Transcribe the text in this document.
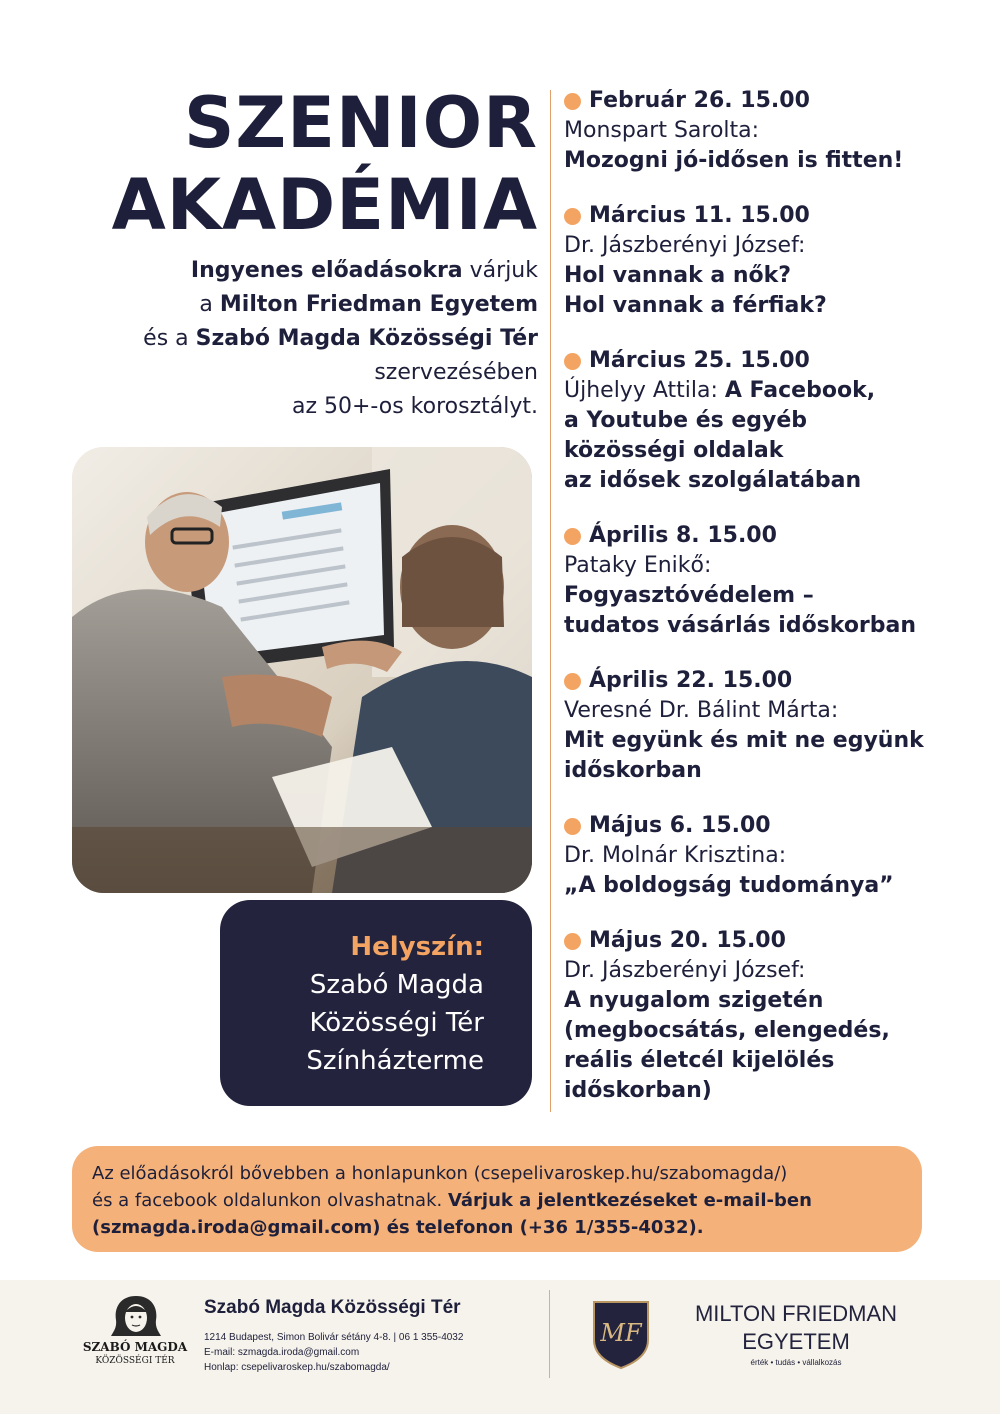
SZENIOR
AKADÉMIA
Ingyenes előadásokra várjuk
a Milton Friedman Egyetem
és a Szabó Magda Közösségi Tér
szervezésében
az 50+-os korosztályt.
Helyszín:
Szabó Magda
Közösségi Tér
Színházterme
Február 26. 15.00
Monspart Sarolta:
Mozogni jó-idősen is fitten!
Március 11. 15.00
Dr. Jászberényi József:
Hol vannak a nők?
Hol vannak a férfiak?
Március 25. 15.00
Újhelyy Attila: A Facebook,
a Youtube és egyéb
közösségi oldalak
az idősek szolgálatában
Április 8. 15.00
Pataky Enikő:
Fogyasztóvédelem –
tudatos vásárlás időskorban
Április 22. 15.00
Veresné Dr. Bálint Márta:
Mit együnk és mit ne együnk
időskorban
Május 6. 15.00
Dr. Molnár Krisztina:
„A boldogság tudománya”
Május 20. 15.00
Dr. Jászberényi József:
A nyugalom szigetén
(megbocsátás, elengedés,
reális életcél kijelölés
időskorban)
Az előadásokról bővebben a honlapunkon (csepelivaroskep.hu/szabomagda/)
és a facebook oldalunkon olvashatnak. Várjuk a jelentkezéseket e-mail-ben
(szmagda.iroda@gmail.com) és telefonon (+36 1/355-4032).
SZABÓ MAGDA
KÖZÖSSÉGI TÉR
Szabó Magda Közösségi Tér
1214 Budapest, Simon Bolivár sétány 4-8. | 06 1 355-4032
E-mail: szmagda.iroda@gmail.com
Honlap: csepelivaroskep.hu/szabomagda/
MF
MILTON FRIEDMAN
EGYETEM
érték • tudás • vállalkozás
